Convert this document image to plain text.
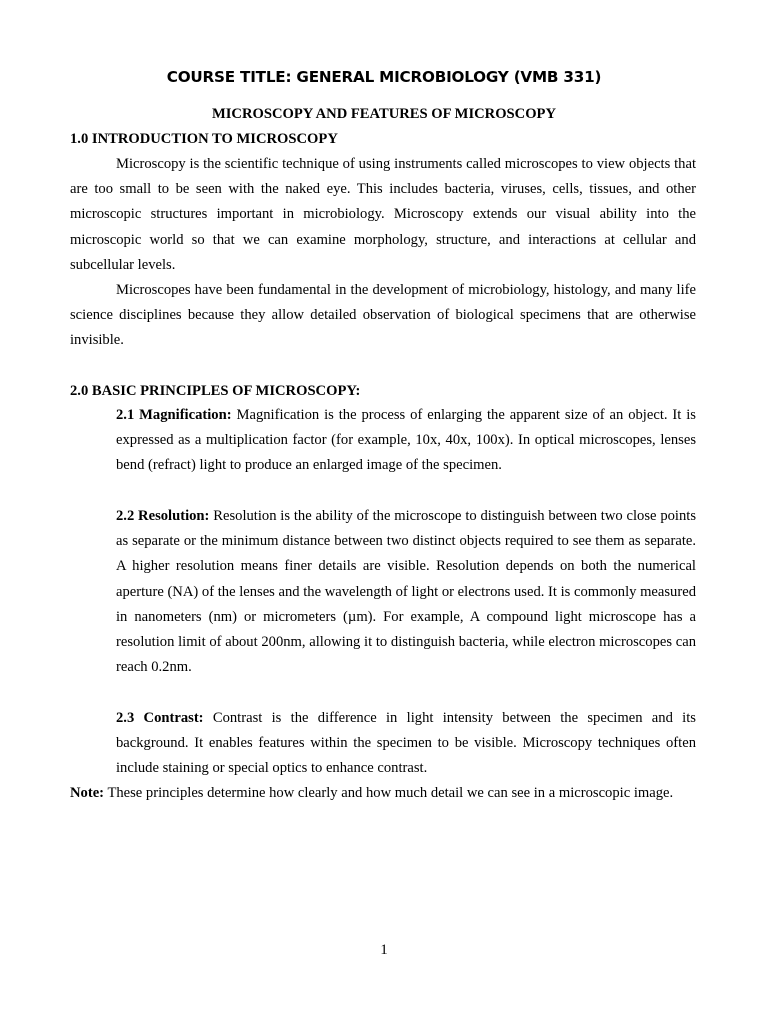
COURSE TITLE: GENERAL MICROBIOLOGY (VMB 331)
MICROSCOPY AND FEATURES OF MICROSCOPY
1.0 INTRODUCTION TO MICROSCOPY

Microscopy is the scientific technique of using instruments called microscopes to view objects that are too small to be seen with the naked eye. This includes bacteria, viruses, cells, tissues, and other microscopic structures important in microbiology. Microscopy extends our visual ability into the microscopic world so that we can examine morphology, structure, and interactions at cellular and subcellular levels.

Microscopes have been fundamental in the development of microbiology, histology, and many life science disciplines because they allow detailed observation of biological specimens that are otherwise invisible.

2.0 BASIC PRINCIPLES OF MICROSCOPY:

2.1 Magnification: Magnification is the process of enlarging the apparent size of an object. It is expressed as a multiplication factor (for example, 10x, 40x, 100x). In optical microscopes, lenses bend (refract) light to produce an enlarged image of the specimen.

2.2 Resolution: Resolution is the ability of the microscope to distinguish between two close points as separate or the minimum distance between two distinct objects required to see them as separate. A higher resolution means finer details are visible. Resolution depends on both the numerical aperture (NA) of the lenses and the wavelength of light or electrons used. It is commonly measured in nanometers (nm) or micrometers (µm). For example, A compound light microscope has a resolution limit of about 200nm, allowing it to distinguish bacteria, while electron microscopes can reach 0.2nm.

2.3 Contrast: Contrast is the difference in light intensity between the specimen and its background. It enables features within the specimen to be visible. Microscopy techniques often include staining or special optics to enhance contrast.

Note: These principles determine how clearly and how much detail we can see in a microscopic image.

1
